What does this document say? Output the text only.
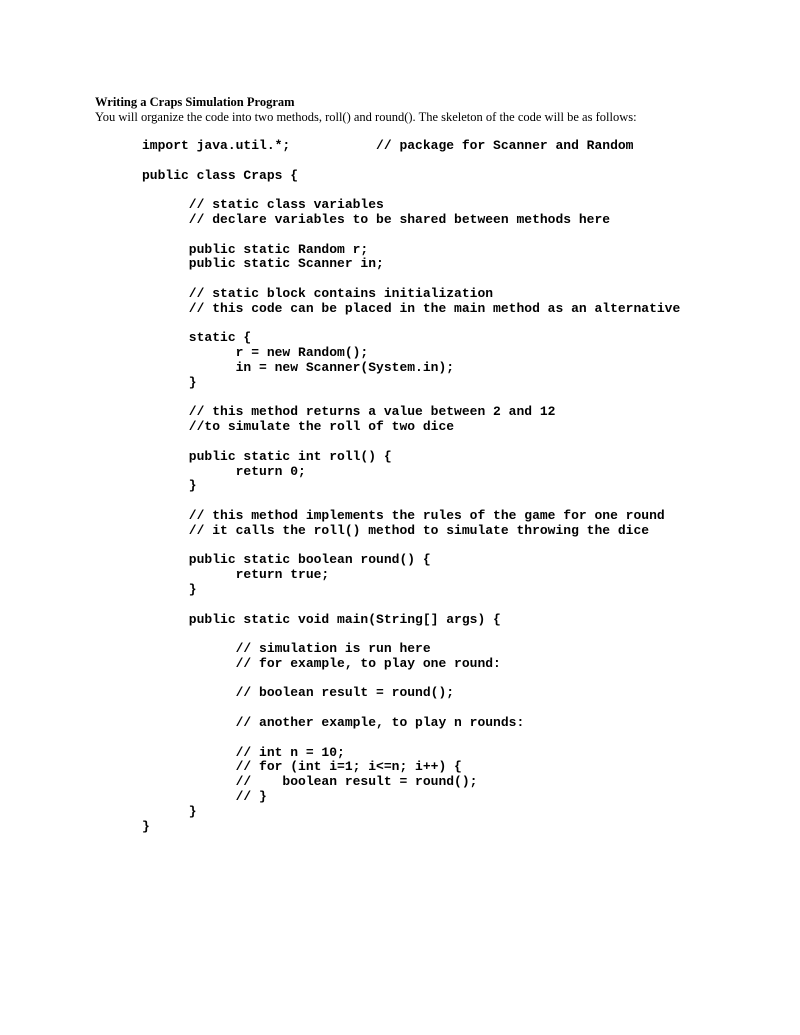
Writing a Craps Simulation Program
You will organize the code into two methods, roll() and round(). The skeleton of the code will be as follows:
import java.util.*;           // package for Scanner and Random
public class Craps {
// static class variables
// declare variables to be shared between methods here
public static Random r;
public static Scanner in;
// static block contains initialization
// this code can be placed in the main method as an alternative
static {
r = new Random();
in = new Scanner(System.in);
}
// this method returns a value between 2 and 12
//to simulate the roll of two dice
public static int roll() {
return 0;
}
// this method implements the rules of the game for one round
// it calls the roll() method to simulate throwing the dice
public static boolean round() {
return true;
}
public static void main(String[] args) {
// simulation is run here
// for example, to play one round:
// boolean result = round();
// another example, to play n rounds:
// int n = 10;
// for (int i=1; i<=n; i++) {
//    boolean result = round();
// }
}
}
